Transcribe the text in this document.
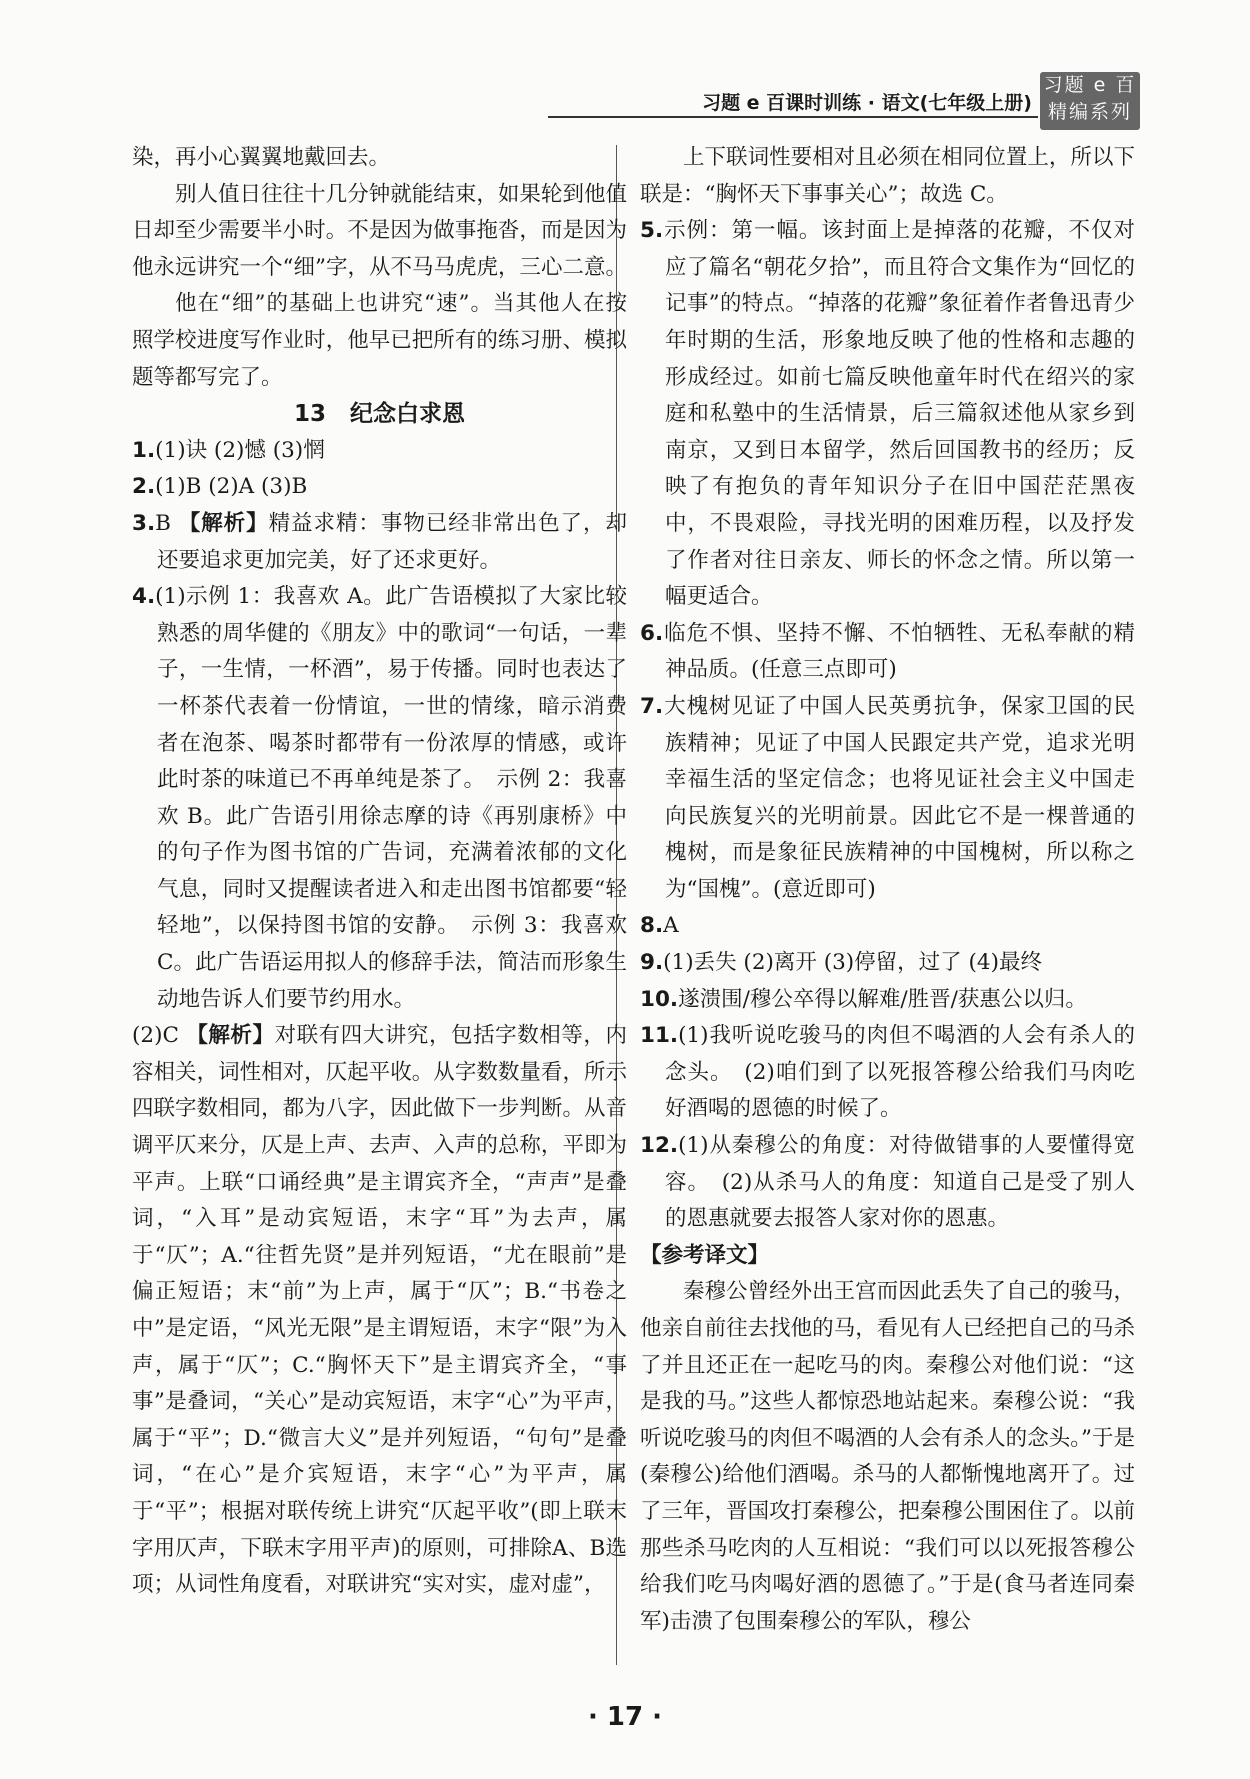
习题 e 百课时训练 · 语文(七年级上册)
习题 e 百
精编系列

染，再小心翼翼地戴回去。

别人值日往往十几分钟就能结束，如果轮到他值日却至少需要半小时。不是因为做事拖沓，而是因为他永远讲究一个“细”字，从不马马虎虎，三心二意。

他在“细”的基础上也讲究“速”。当其他人在按照学校进度写作业时，他早已把所有的练习册、模拟题等都写完了。

13 纪念白求恩

1.(1)诀 (2)憾 (3)惘

2.(1)B (2)A (3)B

3.B 【解析】精益求精：事物已经非常出色了，却还要追求更加完美，好了还求更好。

4.(1)示例 1：我喜欢 A。此广告语模拟了大家比较熟悉的周华健的《朋友》中的歌词“一句话，一辈子，一生情，一杯酒”，易于传播。同时也表达了一杯茶代表着一份情谊，一世的情缘，暗示消费者在泡茶、喝茶时都带有一份浓厚的情感，或许此时茶的味道已不再单纯是茶了。　示例 2：我喜欢 B。此广告语引用徐志摩的诗《再别康桥》中的句子作为图书馆的广告词，充满着浓郁的文化气息，同时又提醒读者进入和走出图书馆都要“轻轻地”，以保持图书馆的安静。　示例 3：我喜欢 C。此广告语运用拟人的修辞手法，简洁而形象生动地告诉人们要节约用水。

(2)C 【解析】对联有四大讲究，包括字数相等，内容相关，词性相对，仄起平收。从字数数量看，所示四联字数相同，都为八字，因此做下一步判断。从音调平仄来分，仄是上声、去声、入声的总称，平即为平声。上联“口诵经典”是主谓宾齐全，“声声”是叠词，“入耳”是动宾短语，末字“耳”为去声，属于“仄”；A.“往哲先贤”是并列短语，“尤在眼前”是偏正短语；末“前”为上声，属于“仄”；B.“书卷之中”是定语，“风光无限”是主谓短语，末字“限”为入声，属于“仄”；C.“胸怀天下”是主谓宾齐全，“事事”是叠词，“关心”是动宾短语，末字“心”为平声，属于“平”；D.“微言大义”是并列短语，“句句”是叠词，“在心”是介宾短语，末字“心”为平声，属于“平”；根据对联传统上讲究“仄起平收”(即上联末字用仄声，下联末字用平声)的原则，可排除A、B选项；从词性角度看，对联讲究“实对实，虚对虚”，

上下联词性要相对且必须在相同位置上，所以下联是：“胸怀天下事事关心”；故选 C。

5.示例：第一幅。该封面上是掉落的花瓣，不仅对应了篇名“朝花夕拾”，而且符合文集作为“回忆的记事”的特点。“掉落的花瓣”象征着作者鲁迅青少年时期的生活，形象地反映了他的性格和志趣的形成经过。如前七篇反映他童年时代在绍兴的家庭和私塾中的生活情景，后三篇叙述他从家乡到南京，又到日本留学，然后回国教书的经历；反映了有抱负的青年知识分子在旧中国茫茫黑夜中，不畏艰险，寻找光明的困难历程，以及抒发了作者对往日亲友、师长的怀念之情。所以第一幅更适合。

6.临危不惧、坚持不懈、不怕牺牲、无私奉献的精神品质。(任意三点即可)

7.大槐树见证了中国人民英勇抗争，保家卫国的民族精神；见证了中国人民跟定共产党，追求光明幸福生活的坚定信念；也将见证社会主义中国走向民族复兴的光明前景。因此它不是一棵普通的槐树，而是象征民族精神的中国槐树，所以称之为“国槐”。(意近即可)

8.A

9.(1)丢失 (2)离开 (3)停留，过了 (4)最终

10.遂溃围/穆公卒得以解难/胜晋/获惠公以归。

11.(1)我听说吃骏马的肉但不喝酒的人会有杀人的念头。　(2)咱们到了以死报答穆公给我们马肉吃好酒喝的恩德的时候了。

12.(1)从秦穆公的角度：对待做错事的人要懂得宽容。　(2)从杀马人的角度：知道自己是受了别人的恩惠就要去报答人家对你的恩惠。

【参考译文】

秦穆公曾经外出王宫而因此丢失了自己的骏马，他亲自前往去找他的马，看见有人已经把自己的马杀了并且还正在一起吃马的肉。秦穆公对他们说：“这是我的马。”这些人都惊恐地站起来。秦穆公说：“我听说吃骏马的肉但不喝酒的人会有杀人的念头。”于是(秦穆公)给他们酒喝。杀马的人都惭愧地离开了。过了三年，晋国攻打秦穆公，把秦穆公围困住了。以前那些杀马吃肉的人互相说：“我们可以以死报答穆公给我们吃马肉喝好酒的恩德了。”于是(食马者连同秦军)击溃了包围秦穆公的军队，穆公

· 17 ·
